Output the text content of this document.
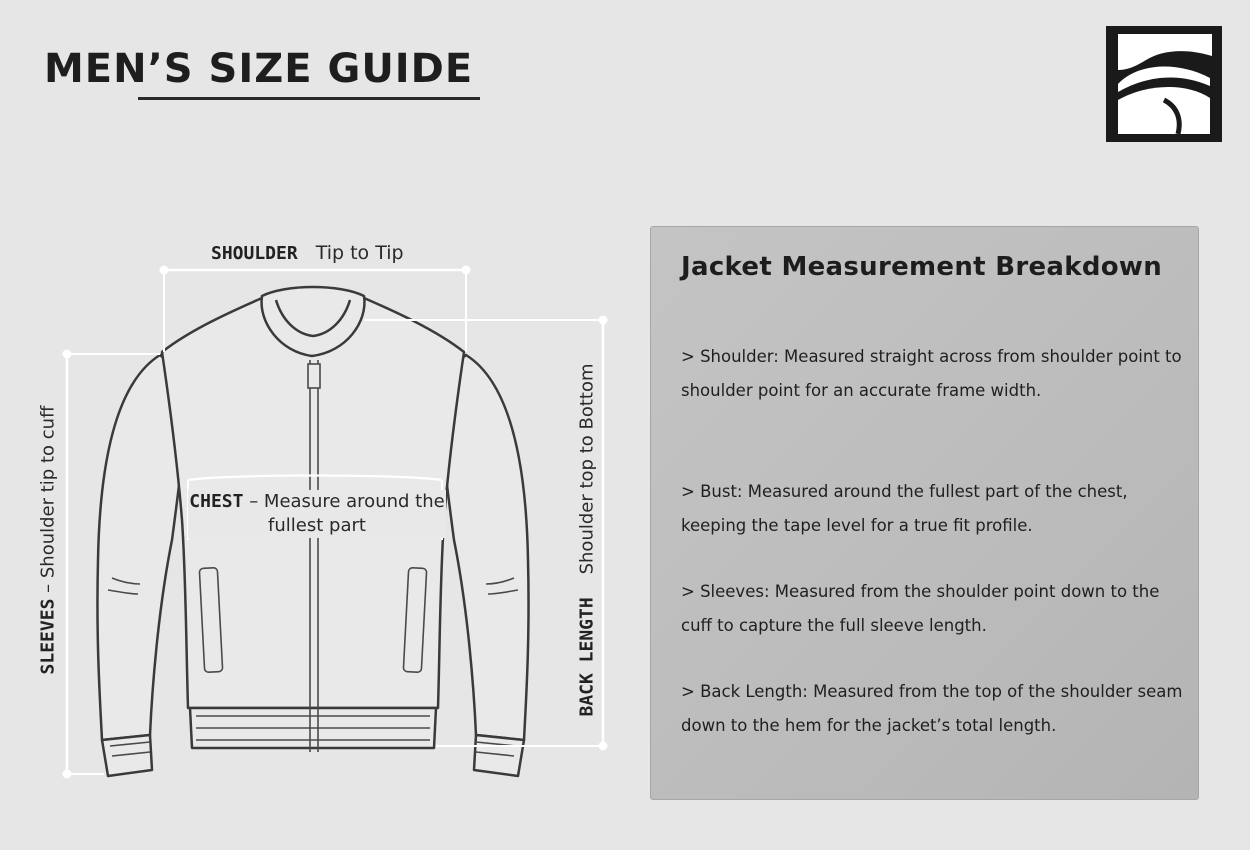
MEN’S SIZE GUIDE
SHOULDER Tip to Tip
CHEST – Measure around the fullest part
SLEEVES – Shoulder tip to cuff
BACK LENGTH    Shoulder top to Bottom
Jacket Measurement Breakdown

> Shoulder: Measured straight across from shoulder point to shoulder point for an accurate frame width.

> Bust: Measured around the fullest part of the chest, keeping the tape level for a true fit profile.

> Sleeves: Measured from the shoulder point down to the cuff to capture the full sleeve length.

> Back Length: Measured from the top of the shoulder seam down to the hem for the jacket’s total length.
